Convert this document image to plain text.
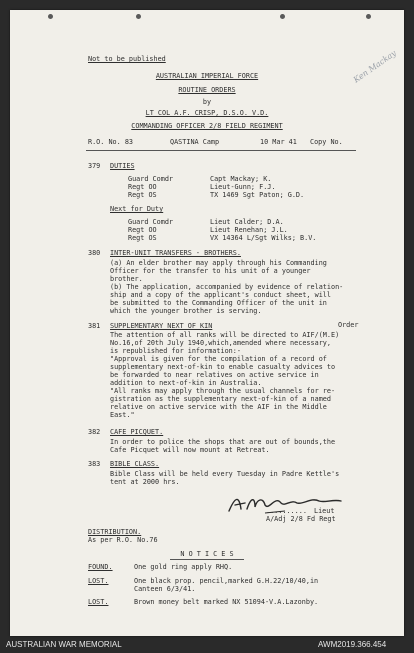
Not to be published
AUSTRALIAN IMPERIAL FORCE
ROUTINE ORDERS
by
LT COL A.F. CRISP, D.S.O. V.D.
COMMANDING OFFICER 2/8 FIELD REGIMENT
Ken Mackay
R.O. No. 83	QASTINA Camp	10 Mar 41 Copy No.
379 DUTIES
Guard Comdr	Capt Mackay; K.
Regt OO	Lieut-Gunn; F.J.
Regt OS	TX 1469 Sgt Paton; G.D.
Next for Duty
Guard Comdr	Lieut Calder; D.A.
Regt OO	Lieut Renehan; J.L.
Regt OS	VX 14364 L/Sgt Wilks; B.V.
380 INTER-UNIT TRANSFERS - BROTHERS.
(a) An elder brother may apply through his Commanding
Officer for the transfer to his unit of a younger
brother.
(b) The application, accompanied by evidence of relation-
ship and a copy of the applicant's conduct sheet, will
be submitted to the Commanding Officer of the unit in
which the younger brother is serving.
381 SUPPLEMENTARY NEXT OF KIN	Order
The attention of all ranks will be directed to AIF/(M.E)
No.16,of 20th July 1940,which,amended where necessary,
is republished for information:-
"Approval is given for the compilation of a record of
supplementary next-of-kin to enable casualty advices to
be forwarded to near relatives on active service in
addition to next-of-kin in Australia.
"All ranks may apply through the usual channels for re-
gistration as the supplementary next-of-kin of a named
relative on active service with the AIF in the Middle
East."
382 CAFE PICQUET.
In order to police the shops that are out of bounds,the
Cafe Picquet will now mount at Retreat.
383 BIBLE CLASS.
Bible Class will be held every Tuesday in Padre Kettle's
tent at 2000 hrs.
.......... Lieut
A/Adj 2/8 Fd Regt
DISTRIBUTION.
As per R.O. No.76
N O T I C E S
FOUND.	One gold ring apply RHQ.
LOST.	One black prop. pencil,marked G.H.22/10/40,in
Canteen 6/3/41.
LOST.	Brown money belt marked NX 51094-V.A.Lazonby.
AUSTRALIAN WAR MEMORIAL	AWM2019.366.454
